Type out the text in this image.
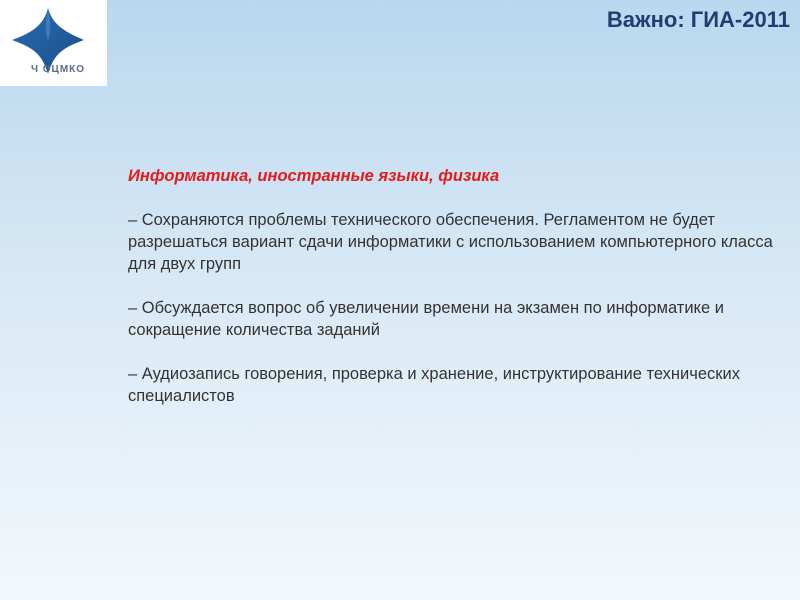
Ч ОЦМКО
Важно: ГИА-2011

Информатика, иностранные языки, физика

– Сохраняются проблемы технического обеспечения. Регламентом не будет разрешаться вариант сдачи информатики с использованием компьютерного класса для двух групп

– Обсуждается вопрос об увеличении времени на экзамен по информатике и сокращение количества заданий

– Аудиозапись говорения, проверка и хранение, инструктирование технических специалистов
